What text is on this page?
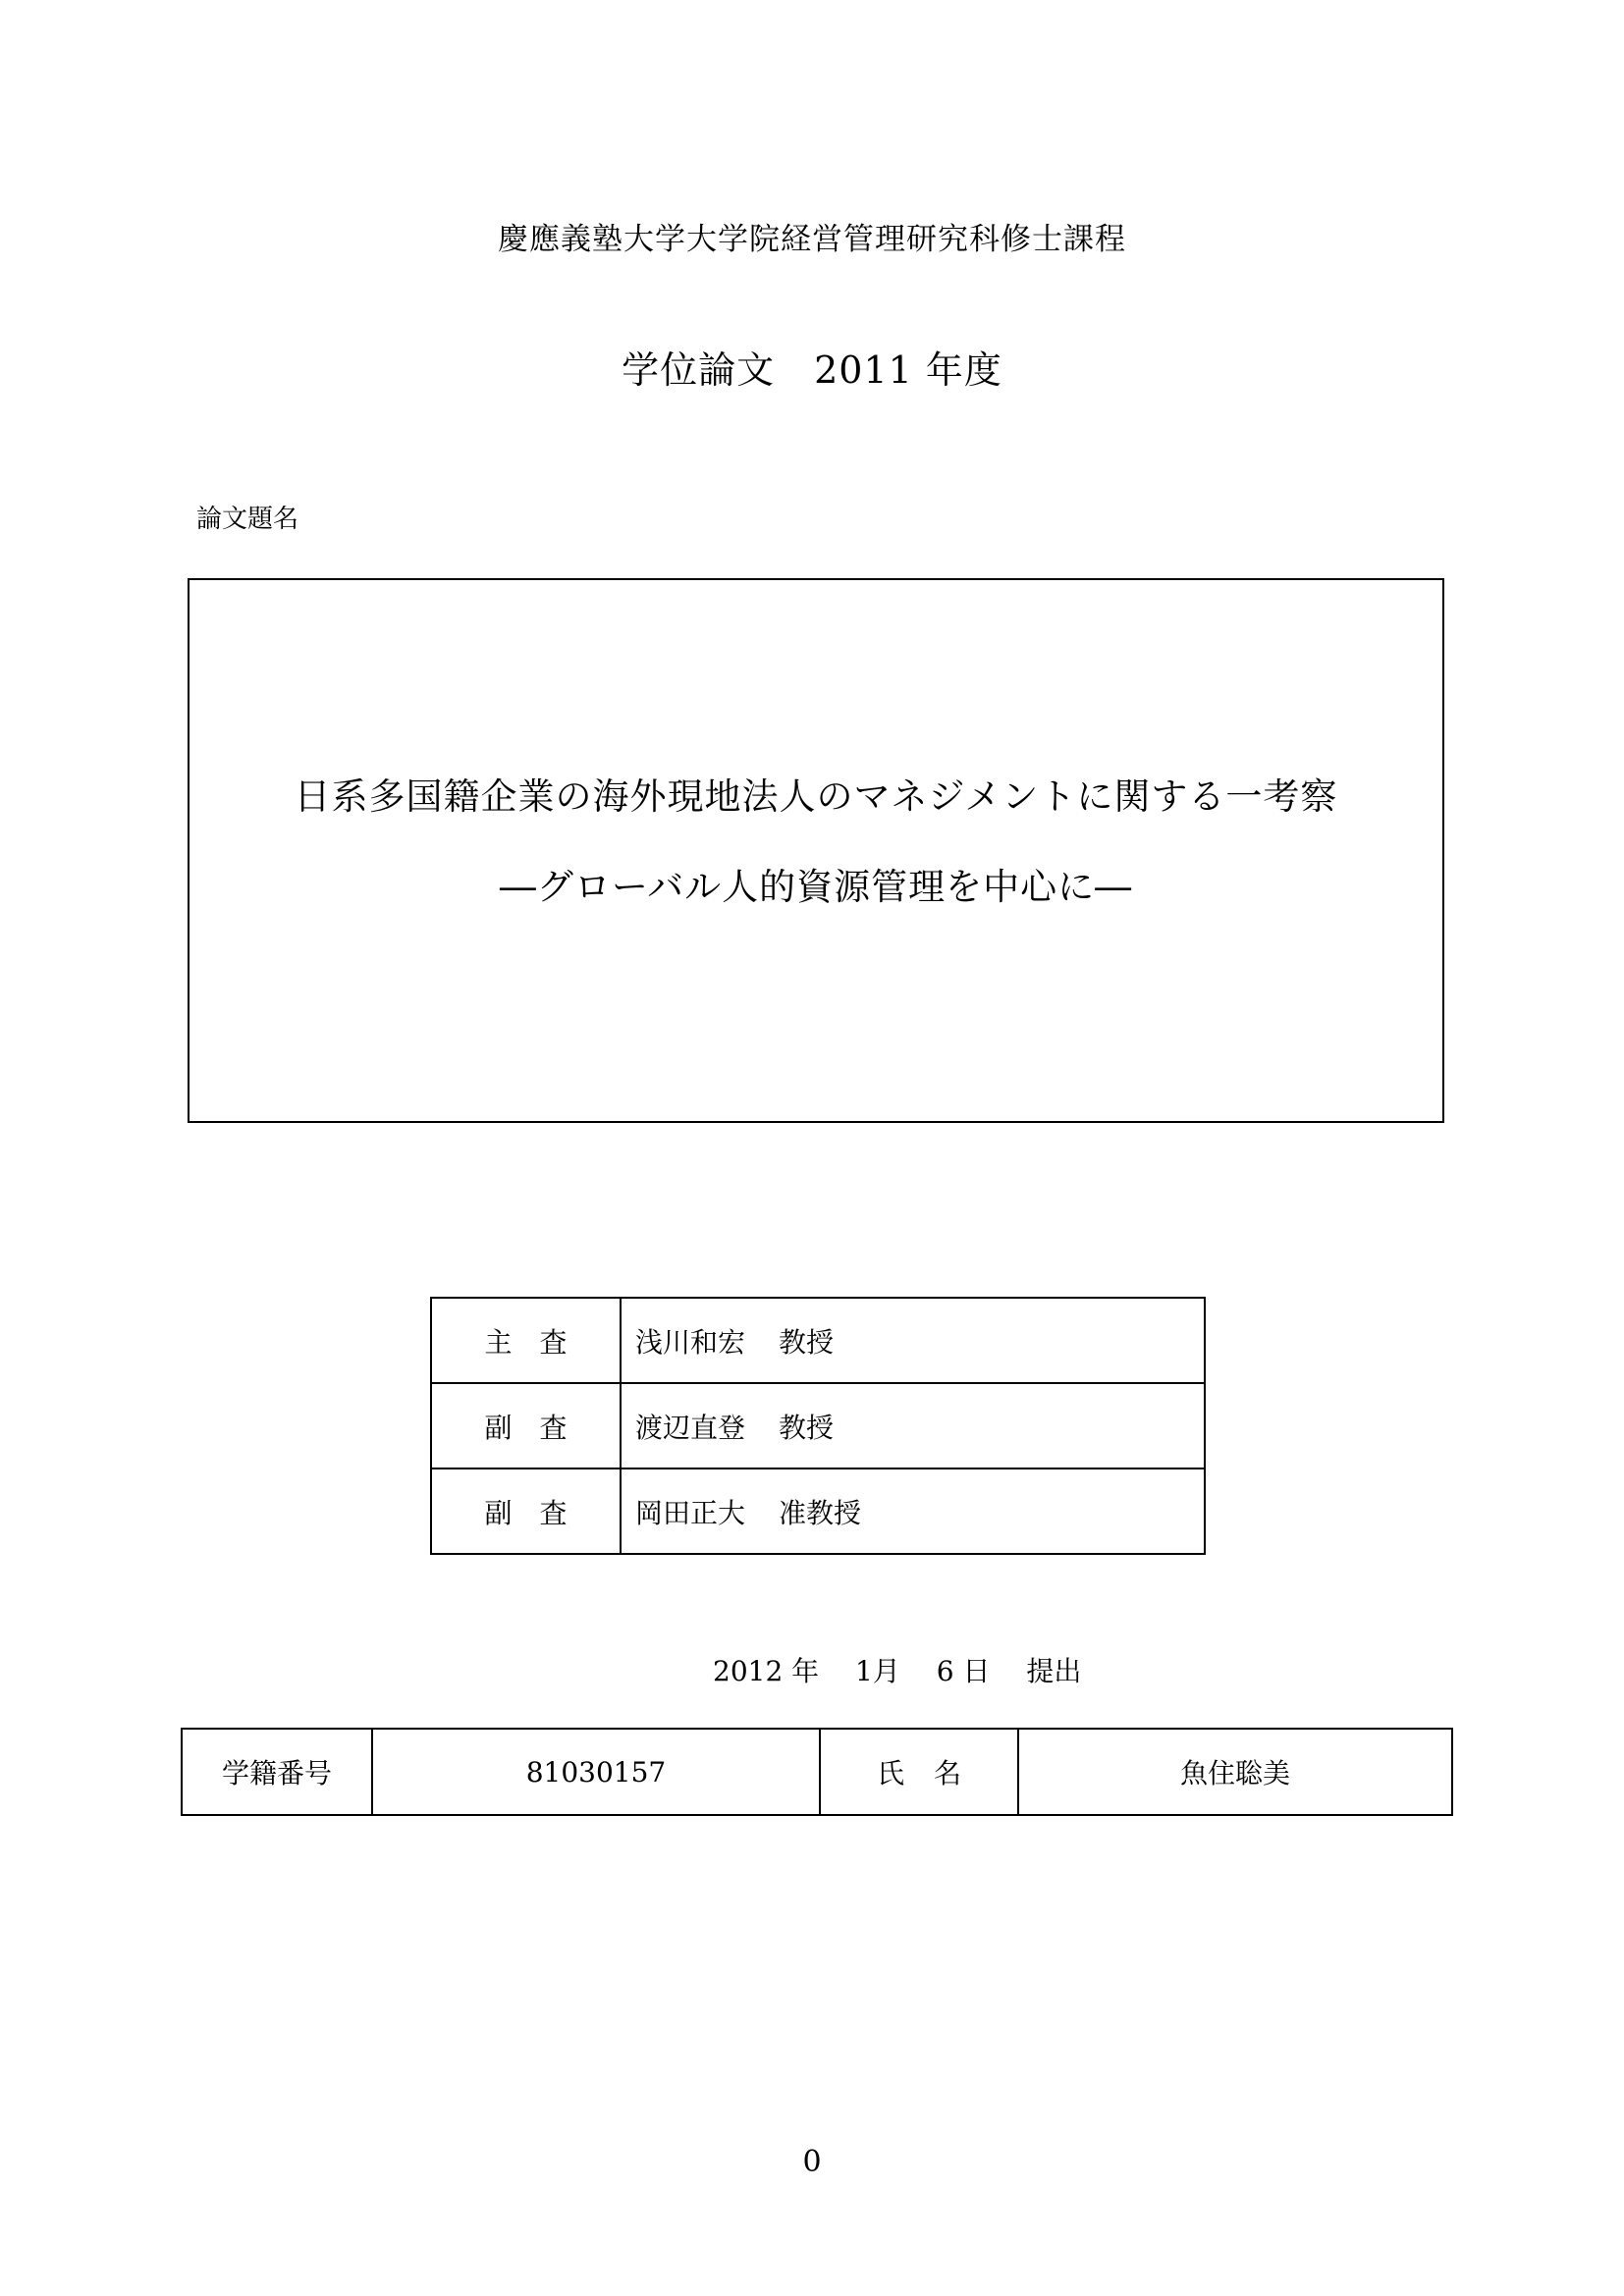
慶應義塾大学大学院経営管理研究科修士課程
学位論文 2011 年度
論文題名
日系多国籍企業の海外現地法人のマネジメントに関する一考察
―グローバル人的資源管理を中心に―
主 査	浅川和宏 教授
副 査	渡辺直登 教授
副 査	岡田正大 准教授
2012 年　 1月　 6 日　 提出
学籍番号	81030157	氏 名	魚住聡美
0
